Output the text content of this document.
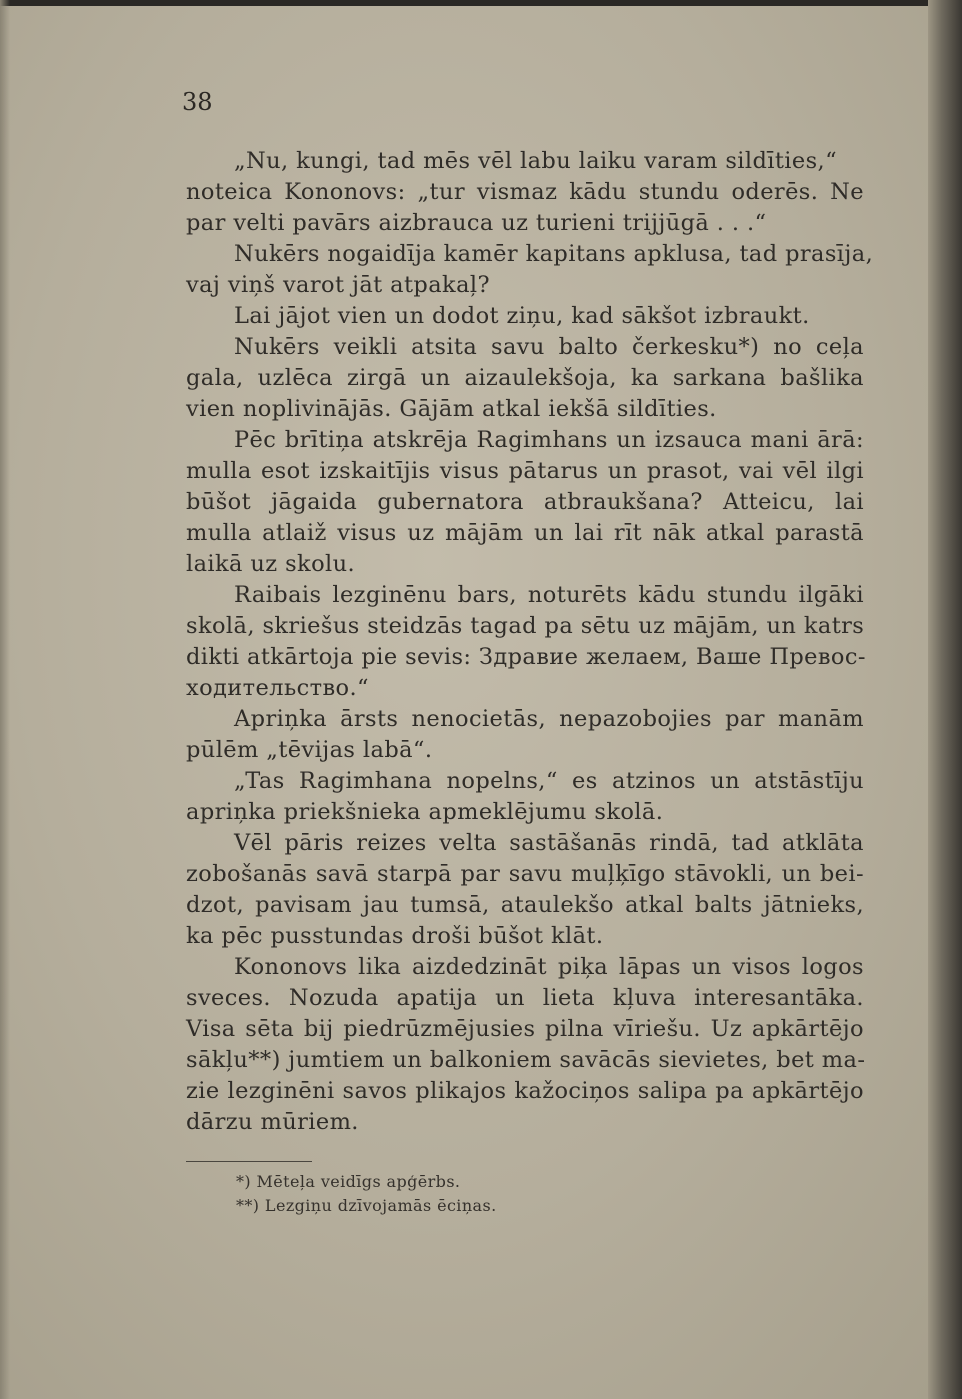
38
„Nu, kungi, tad mēs vēl labu laiku varam sildīties,“
noteica Kononovs: „tur vismaz kādu stundu oderēs. Ne
par velti pavārs aizbrauca uz turieni trijjūgā . . .“
Nukērs nogaidīja kamēr kapitans apklusa, tad prasīja,
vaj viņš varot jāt atpakaļ?
Lai jājot vien un dodot ziņu, kad sākšot izbraukt.
Nukērs veikli atsita savu balto čerkesku*) no ceļa
gala, uzlēca zirgā un aizaulekšoja, ka sarkana bašlika
vien noplivinājās. Gājām atkal iekšā sildīties.
Pēc brītiņa atskrēja Ragimhans un izsauca mani ārā:
mulla esot izskaitījis visus pātarus un prasot, vai vēl ilgi
būšot jāgaida gubernatora atbraukšana? Atteicu, lai
mulla atlaiž visus uz mājām un lai rīt nāk atkal parastā
laikā uz skolu.
Raibais lezginēnu bars, noturēts kādu stundu ilgāki
skolā, skriešus steidzās tagad pa sētu uz mājām, un katrs
dikti atkārtoja pie sevis: Здравие желаем, Ваше Превос-
ходительство.“
Apriņka ārsts nenocietās, nepazobojies par manām
pūlēm „tēvijas labā“.
„Tas Ragimhana nopelns,“ es atzinos un atstāstīju
apriņka priekšnieka apmeklējumu skolā.
Vēl pāris reizes velta sastāšanās rindā, tad atklāta
zobošanās savā starpā par savu muļķīgo stāvokli, un bei-
dzot, pavisam jau tumsā, ataulekšo atkal balts jātnieks,
ka pēc pusstundas droši būšot klāt.
Kononovs lika aizdedzināt piķa lāpas un visos logos
sveces. Nozuda apatija un lieta kļuva interesantāka.
Visa sēta bij piedrūzmējusies pilna vīriešu. Uz apkārtējo
sākļu**) jumtiem un balkoniem savācās sievietes, bet ma-
zie lezginēni savos plikajos kažociņos salipa pa apkārtējo
dārzu mūriem.
*) Mēteļa veidīgs apģērbs.
**) Lezgiņu dzīvojamās ēciņas.
